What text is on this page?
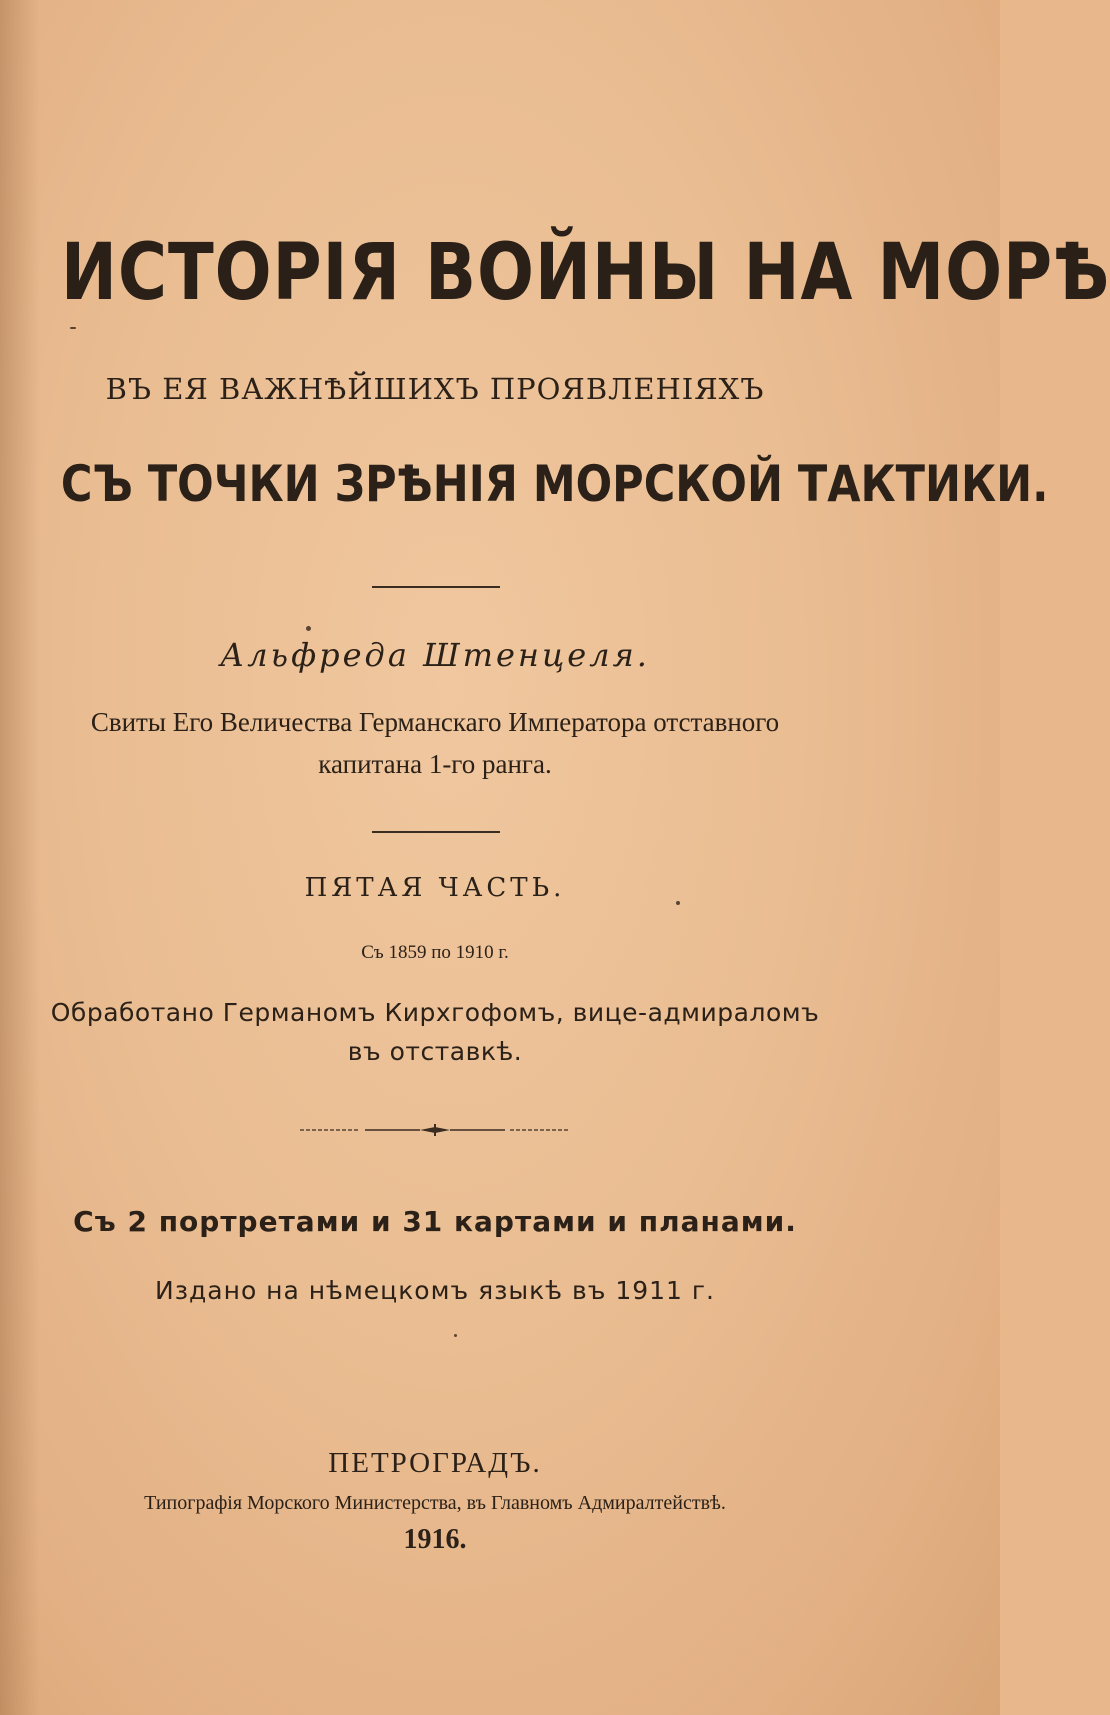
ИСТОРІЯ ВОЙНЫ НА МОРѢ
ВЪ ЕЯ ВАЖНѢЙШИХЪ ПРОЯВЛЕНІЯХЪ
СЪ ТОЧКИ ЗРѢНІЯ МОРСКОЙ ТАКТИКИ.
Альфреда Штенцеля.
Свиты Его Величества Германскаго Императора отставного
капитана 1-го ранга.
ПЯТАЯ ЧАСТЬ.
Съ 1859 по 1910 г.
Обработано Германомъ Кирхгофомъ, вице-адмираломъ
въ отставкѣ.
Съ 2 портретами и 31 картами и планами.
Издано на нѣмецкомъ языкѣ въ 1911 г.
ПЕТРОГРАДЪ.
Типографія Морского Министерства, въ Главномъ Адмиралтействѣ.
1916.
